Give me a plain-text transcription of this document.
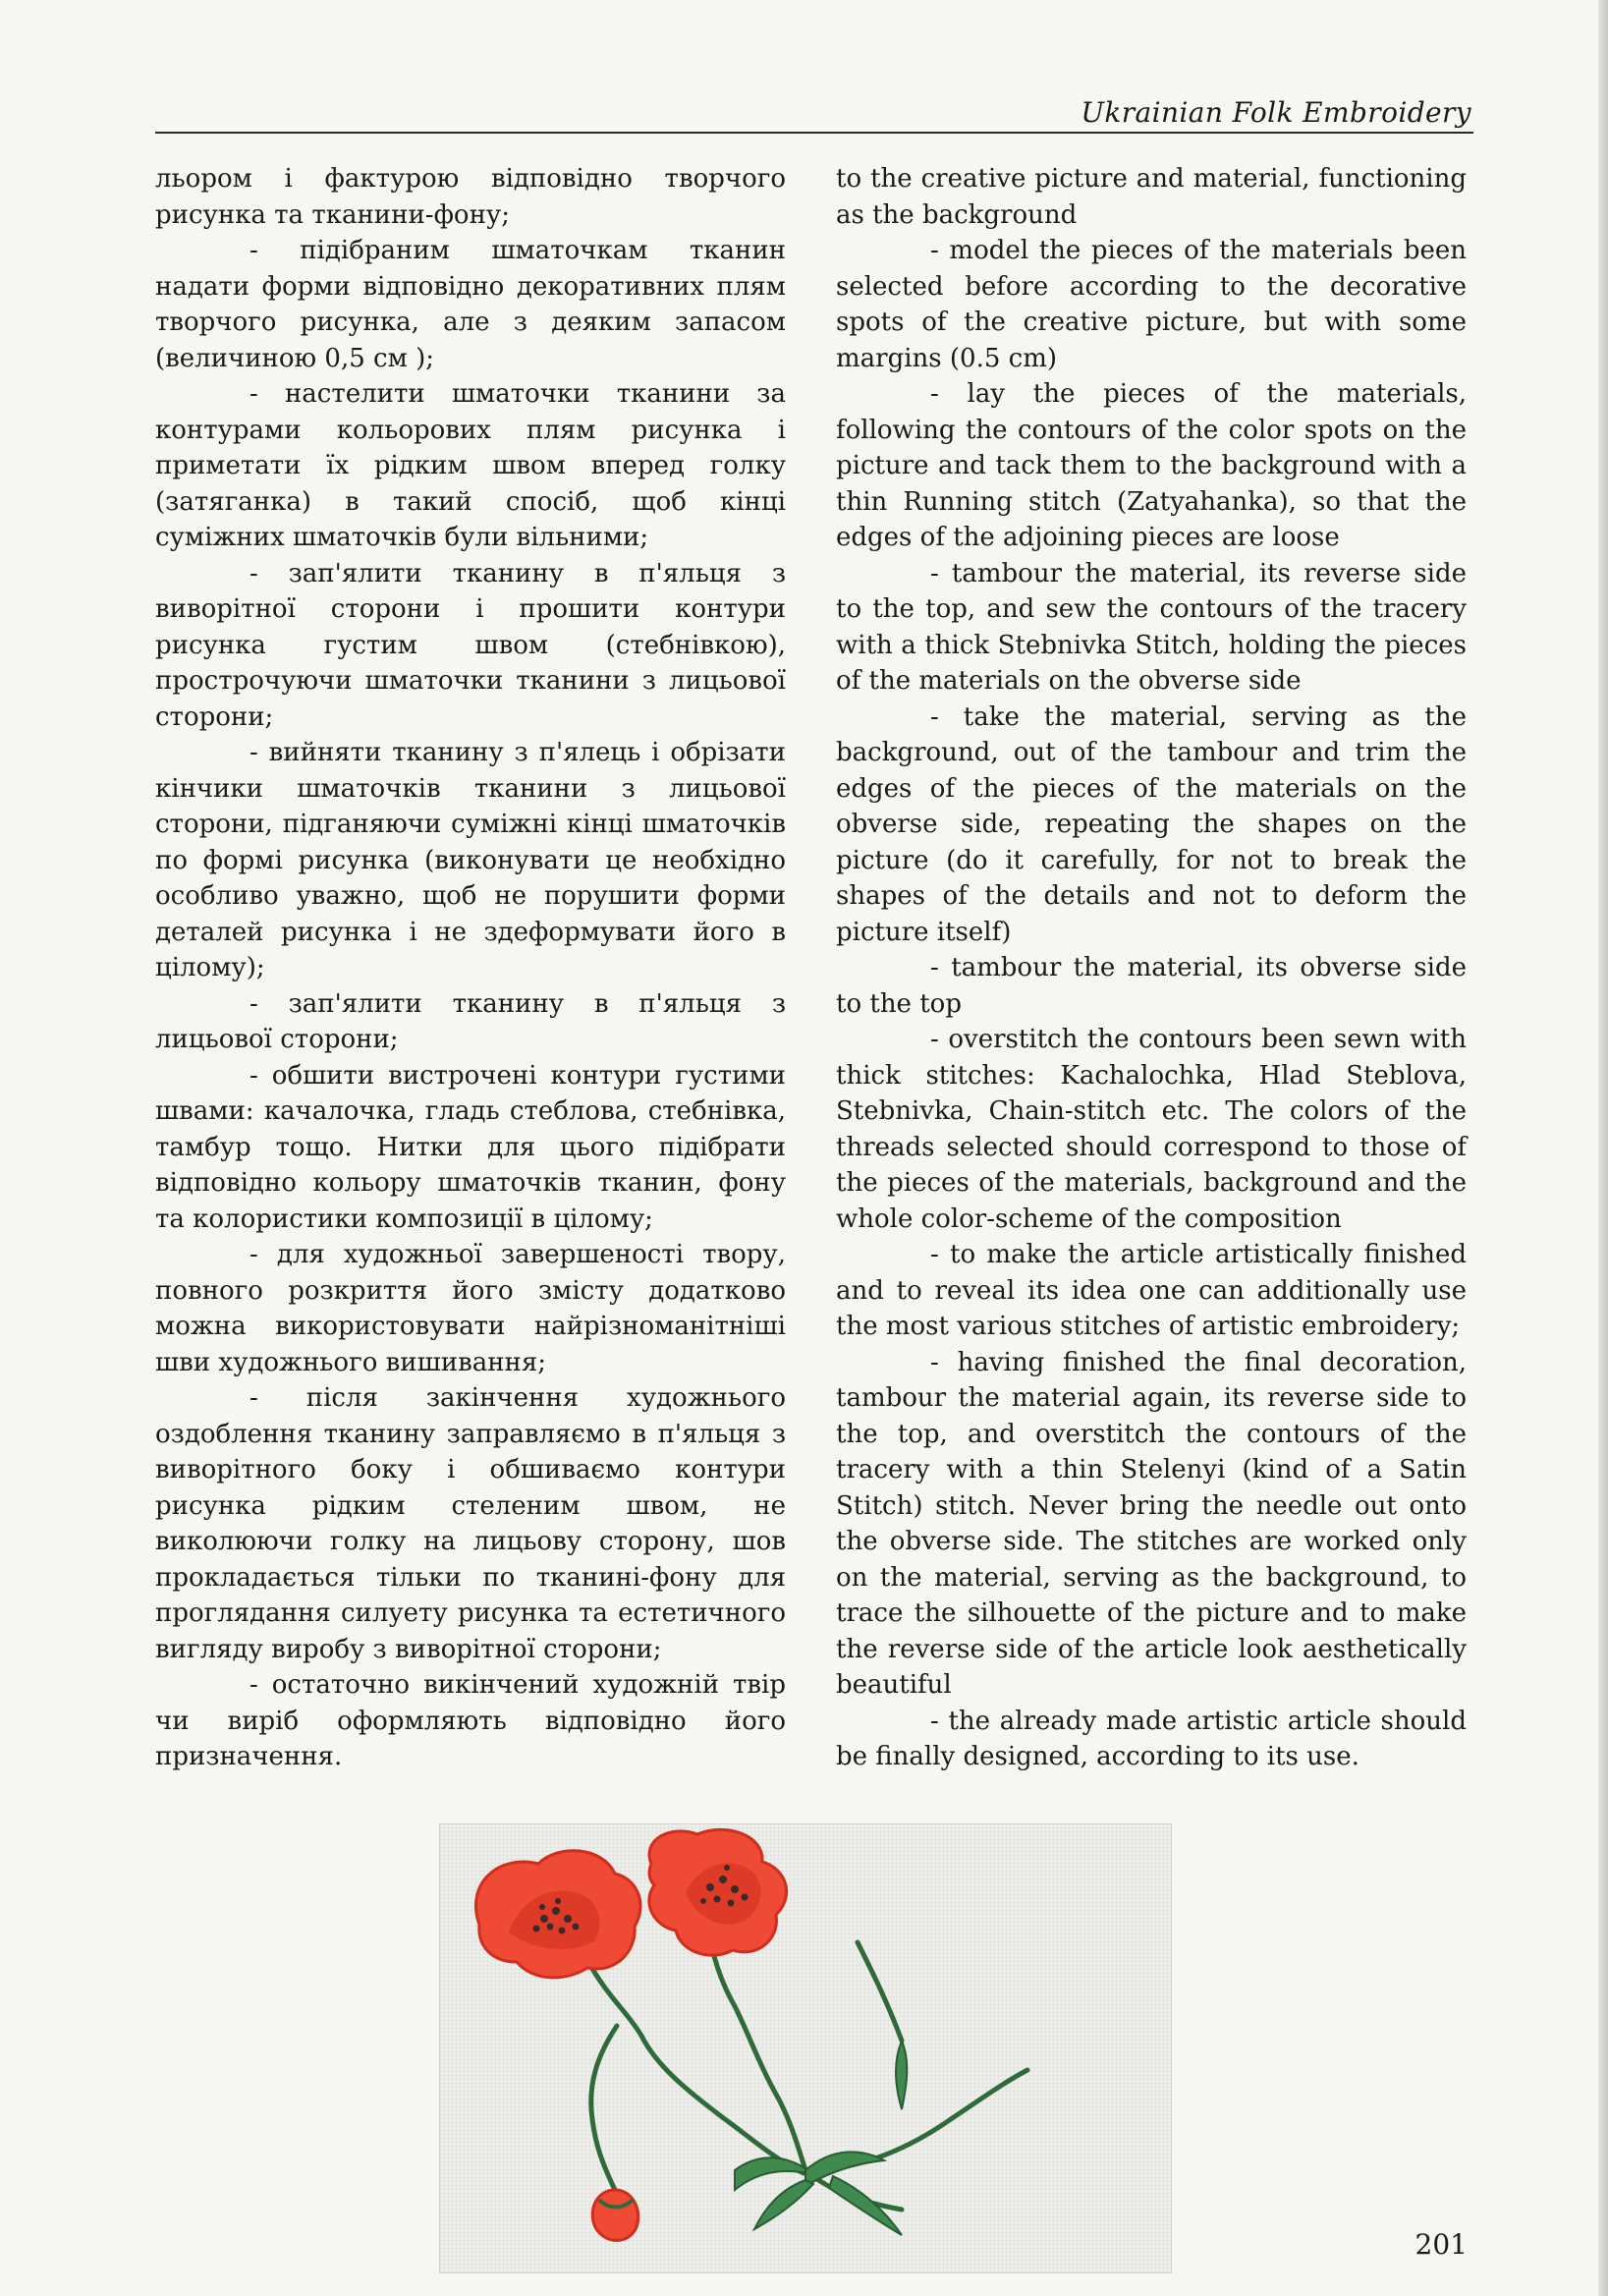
Ukrainian Folk Embroidery

льором і фактурою відповідно творчого рисунка та тканини-фону;

- підібраним шматочкам тканин надати форми відповідно декоративних плям творчого рисунка, але з деяким запасом (величиною 0,5 см );

- настелити шматочки тканини за контурами кольорових плям рисунка і приметати їх рідким швом вперед голку (затяганка) в такий спосіб, щоб кінці суміжних шматочків були вільними;

- зап'ялити тканину в п'яльця з виворітної сторони і прошити контури рисунка густим швом (стебнівкою), прострочуючи шматочки тканини з лицьової сторони;

- вийняти тканину з п'ялець і обрізати кінчики шматочків тканини з лицьової сторони, підганяючи суміжні кінці шматочків по формі рисунка (виконувати це необхідно особливо уважно, щоб не порушити форми деталей рисунка і не здеформувати його в цілому);

- зап'ялити тканину в п'яльця з лицьової сторони;

- обшити вистрочені контури густими швами: качалочка, гладь стеблова, стебнівка, тамбур тощо. Нитки для цього підібрати відповідно кольору шматочків тканин, фону та колористики композиції в цілому;

- для художньої завершеності твору, повного розкриття його змісту додатково можна використовувати найрізноманітніші шви художнього вишивання;

- після закінчення художнього оздоблення тканину заправляємо в п'яльця з виворітного боку і обшиваємо контури рисунка рідким стеленим швом, не виколюючи голку на лицьову сторону, шов прокладається тільки по тканині-фону для проглядання силуету рисунка та естетичного вигляду виробу з виворітної сторони;

- остаточно викінчений художній твір чи виріб оформляють відповідно його призначення.

to the creative picture and material, functioning as the background

- model the pieces of the materials been selected before according to the decorative spots of the creative picture, but with some margins (0.5 cm)

- lay the pieces of the materials, following the contours of the color spots on the picture and tack them to the background with a thin Running stitch (Zatyahanka), so that the edges of the adjoining pieces are loose

- tambour the material, its reverse side to the top, and sew the contours of the tracery with a thick Stebnivka Stitch, holding the pieces of the materials on the obverse side

- take the material, serving as the background, out of the tambour and trim the edges of the pieces of the materials on the obverse side, repeating the shapes on the picture (do it carefully, for not to break the shapes of the details and not to deform the picture itself)

- tambour the material, its obverse side to the top

- overstitch the contours been sewn with thick stitches: Kachalochka, Hlad Steblova, Stebnivka, Chain-stitch etc. The colors of the threads selected should correspond to those of the pieces of the materials, background and the whole color-scheme of the composition

- to make the article artistically finished and to reveal its idea one can additionally use the most various stitches of artistic embroidery;

- having finished the final decoration, tambour the material again, its reverse side to the top, and overstitch the contours of the tracery with a thin Stelenyi (kind of a Satin Stitch) stitch. Never bring the needle out onto the obverse side. The stitches are worked only on the material, serving as the background, to trace the silhouette of the picture and to make the reverse side of the article look aesthetically beautiful

- the already made artistic article should be finally designed, according to its use.

201
